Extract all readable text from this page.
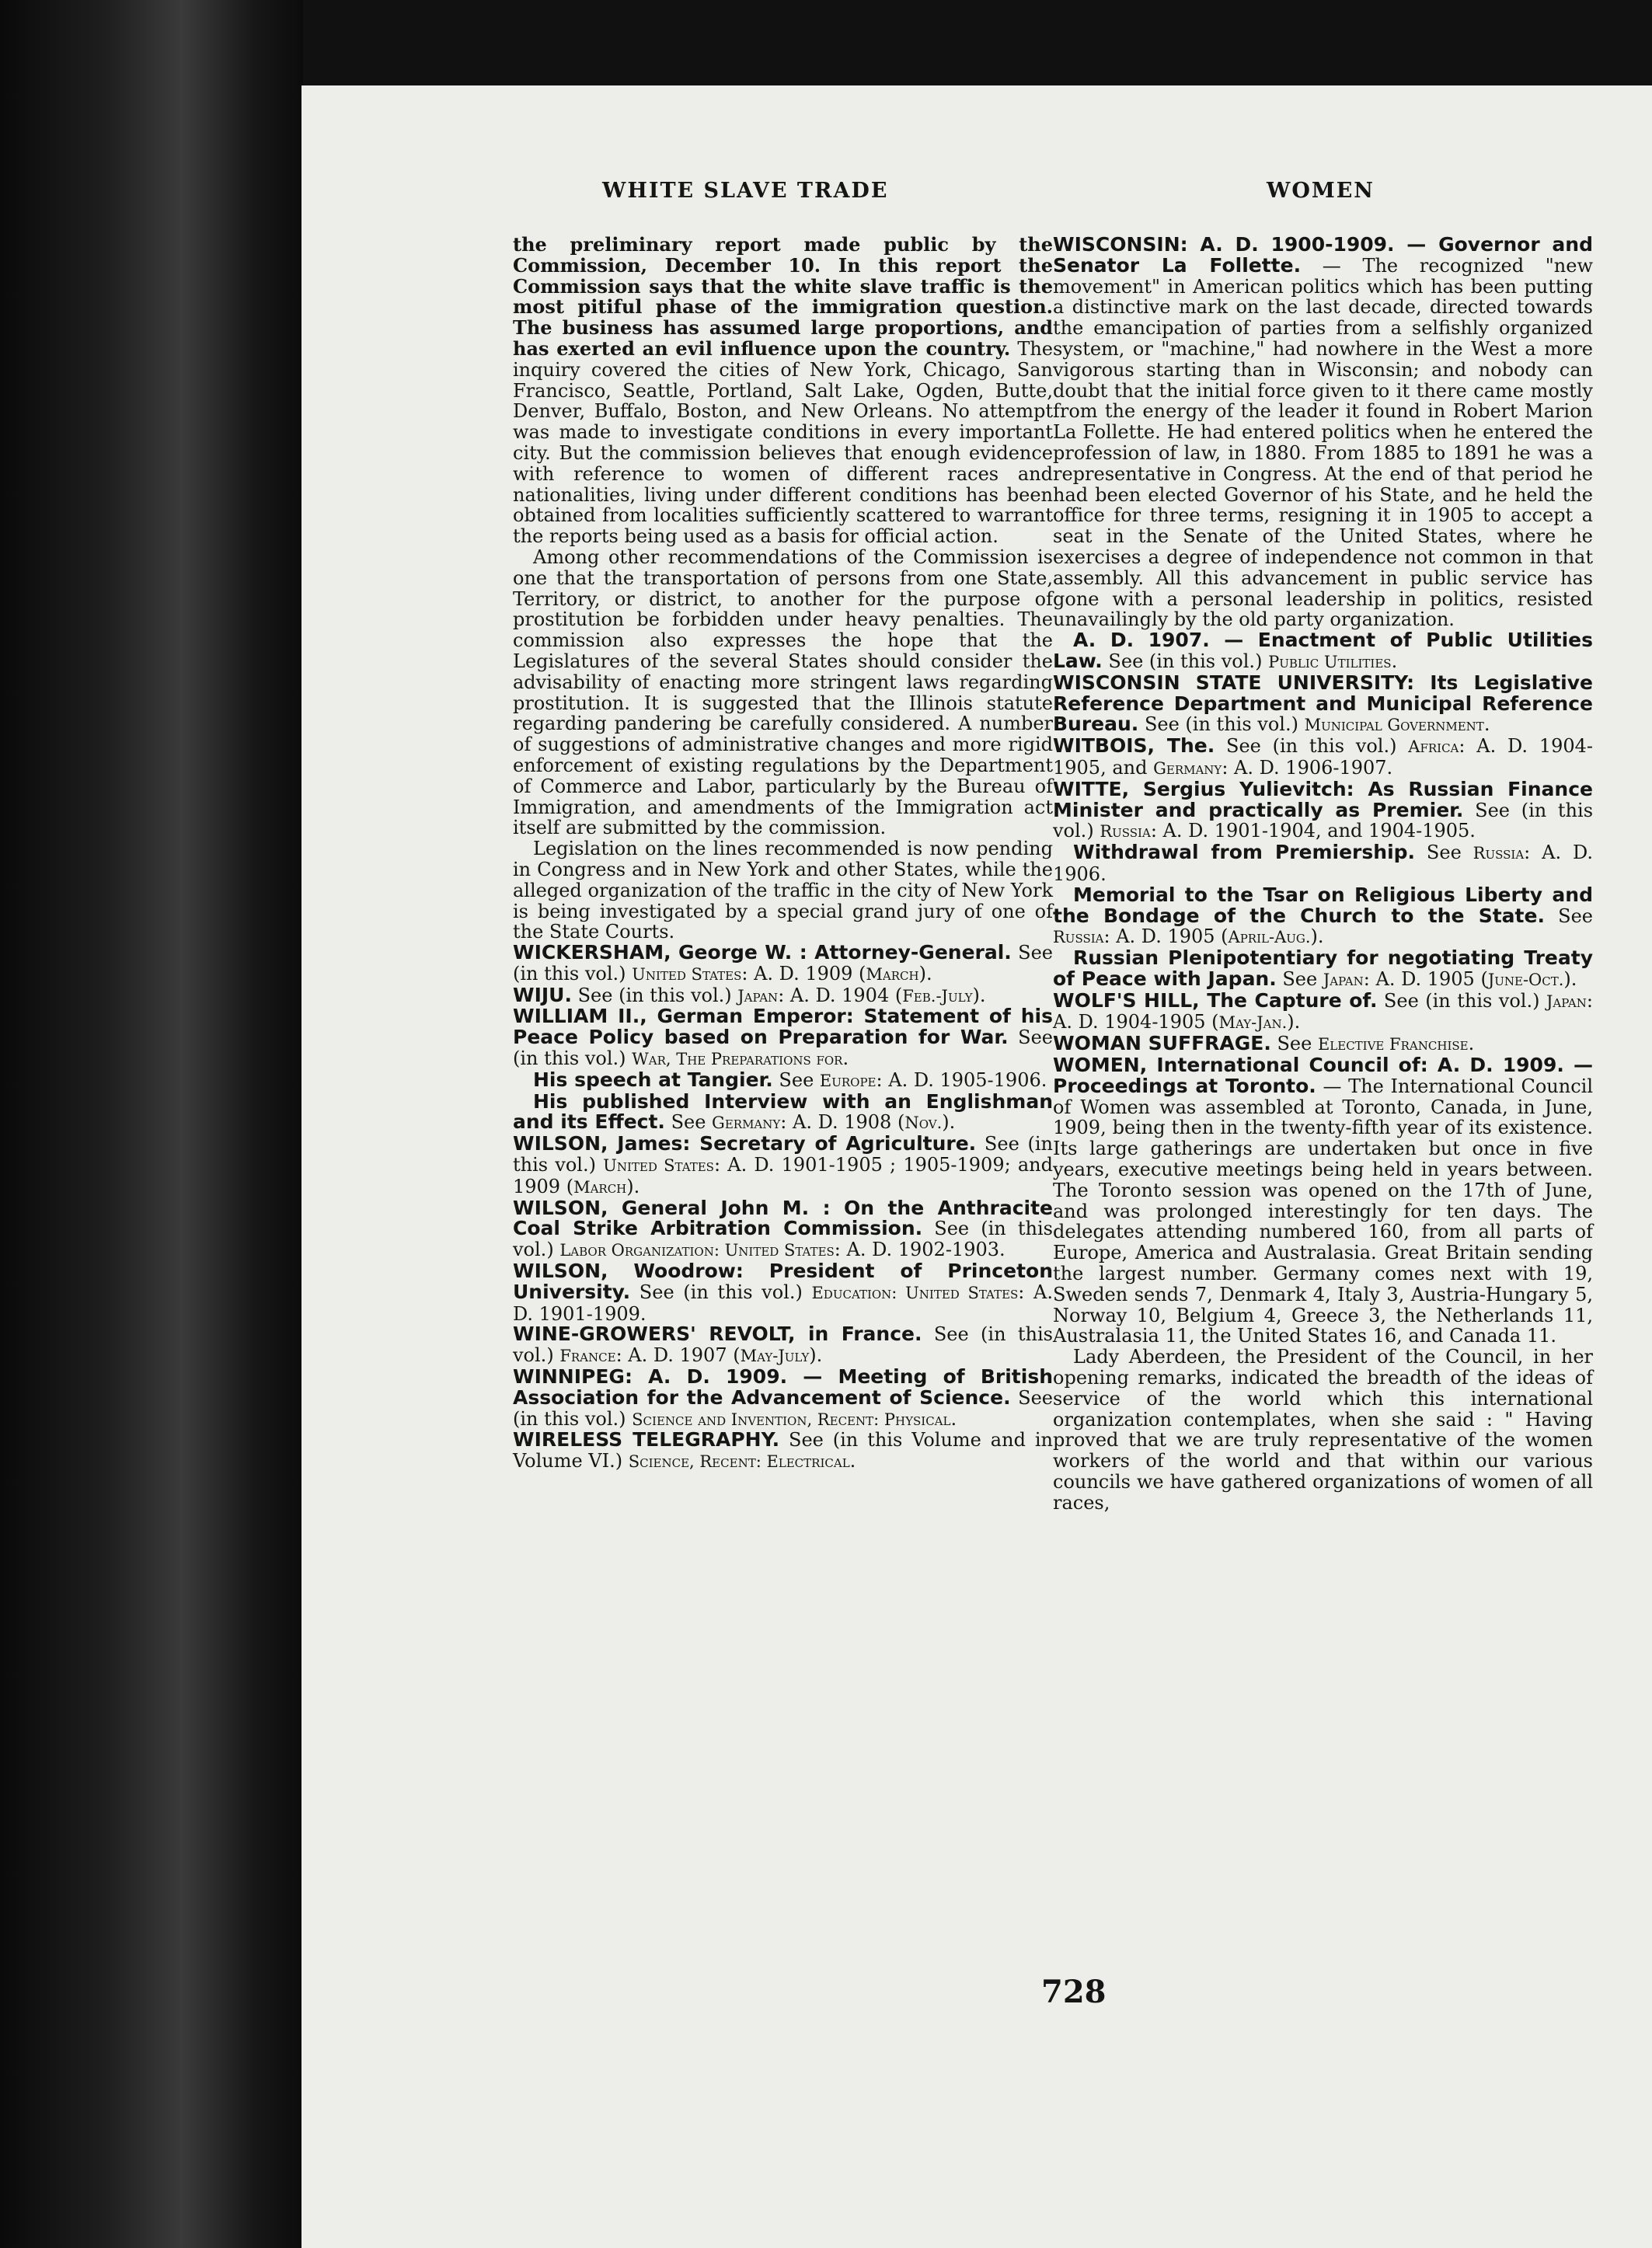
WHITE SLAVE TRADE	WOMEN

the preliminary report made public by the Commission, December 10. In this report the Commission says that the white slave traffic is the most pitiful phase of the immigration question. The business has assumed large proportions, and has exerted an evil influence upon the country. The inquiry covered the cities of New York, Chicago, San Francisco, Seattle, Portland, Salt Lake, Ogden, Butte, Denver, Buffalo, Boston, and New Orleans. No attempt was made to investigate conditions in every important city. But the commission believes that enough evidence with reference to women of different races and nationalities, living under different conditions has been obtained from localities sufficiently scattered to warrant the reports being used as a basis for official action.

Among other recommendations of the Commission is one that the transportation of persons from one State, Territory, or district, to another for the purpose of prostitution be forbidden under heavy penalties. The commission also expresses the hope that the Legislatures of the several States should consider the advisability of enacting more stringent laws regarding prostitution. It is suggested that the Illinois statute regarding pandering be carefully considered. A number of suggestions of administrative changes and more rigid enforcement of existing regulations by the Department of Commerce and Labor, particularly by the Bureau of Immigration, and amendments of the Immigration act itself are submitted by the commission.

Legislation on the lines recommended is now pending in Congress and in New York and other States, while the alleged organization of the traffic in the city of New York is being investigated by a special grand jury of one of the State Courts.

WICKERSHAM, George W. : Attorney-General. See (in this vol.) United States: A. D. 1909 (March).

WIJU. See (in this vol.) Japan: A. D. 1904 (Feb.-July).

WILLIAM II., German Emperor: Statement of his Peace Policy based on Preparation for War. See (in this vol.) War, The Preparations for.

His speech at Tangier. See Europe: A. D. 1905-1906.

His published Interview with an Englishman and its Effect. See Germany: A. D. 1908 (Nov.).

WILSON, James: Secretary of Agriculture. See (in this vol.) United States: A. D. 1901-1905 ; 1905-1909; and 1909 (March).

WILSON, General John M. : On the Anthracite Coal Strike Arbitration Commission. See (in this vol.) Labor Organization: United States: A. D. 1902-1903.

WILSON, Woodrow: President of Princeton University. See (in this vol.) Education: United States: A. D. 1901-1909.

WINE-GROWERS' REVOLT, in France. See (in this vol.) France: A. D. 1907 (May-July).

WINNIPEG: A. D. 1909. — Meeting of British Association for the Advancement of Science. See (in this vol.) Science and Invention, Recent: Physical.

WIRELESS TELEGRAPHY. See (in this Volume and in Volume VI.) Science, Recent: Electrical.

WISCONSIN: A. D. 1900-1909. — Governor and Senator La Follette. — The recognized "new movement" in American politics which has been putting a distinctive mark on the last decade, directed towards the emancipation of parties from a selfishly organized system, or "machine," had nowhere in the West a more vigorous starting than in Wisconsin; and nobody can doubt that the initial force given to it there came mostly from the energy of the leader it found in Robert Marion La Follette. He had entered politics when he entered the profession of law, in 1880. From 1885 to 1891 he was a representative in Congress. At the end of that period he had been elected Governor of his State, and he held the office for three terms, resigning it in 1905 to accept a seat in the Senate of the United States, where he exercises a degree of independence not common in that assembly. All this advancement in public service has gone with a personal leadership in politics, resisted unavailingly by the old party organization.

A. D. 1907. — Enactment of Public Utilities Law. See (in this vol.) Public Utilities.

WISCONSIN STATE UNIVERSITY: Its Legislative Reference Department and Municipal Reference Bureau. See (in this vol.) Municipal Government.

WITBOIS, The. See (in this vol.) Africa: A. D. 1904-1905, and Germany: A. D. 1906-1907.

WITTE, Sergius Yulievitch: As Russian Finance Minister and practically as Premier. See (in this vol.) Russia: A. D. 1901-1904, and 1904-1905.

Withdrawal from Premiership. See Russia: A. D. 1906.

Memorial to the Tsar on Religious Liberty and the Bondage of the Church to the State. See Russia: A. D. 1905 (April-Aug.).

Russian Plenipotentiary for negotiating Treaty of Peace with Japan. See Japan: A. D. 1905 (June-Oct.).

WOLF'S HILL, The Capture of. See (in this vol.) Japan: A. D. 1904-1905 (May-Jan.).

WOMAN SUFFRAGE. See Elective Franchise.

WOMEN, International Council of: A. D. 1909. — Proceedings at Toronto. — The International Council of Women was assembled at Toronto, Canada, in June, 1909, being then in the twenty-fifth year of its existence. Its large gatherings are undertaken but once in five years, executive meetings being held in years between. The Toronto session was opened on the 17th of June, and was prolonged interestingly for ten days. The delegates attending numbered 160, from all parts of Europe, America and Australasia. Great Britain sending the largest number. Germany comes next with 19, Sweden sends 7, Denmark 4, Italy 3, Austria-Hungary 5, Norway 10, Belgium 4, Greece 3, the Netherlands 11, Australasia 11, the United States 16, and Canada 11.

Lady Aberdeen, the President of the Council, in her opening remarks, indicated the breadth of the ideas of service of the world which this international organization contemplates, when she said : " Having proved that we are truly representative of the women workers of the world and that within our various councils we have gathered organizations of women of all races,

728
